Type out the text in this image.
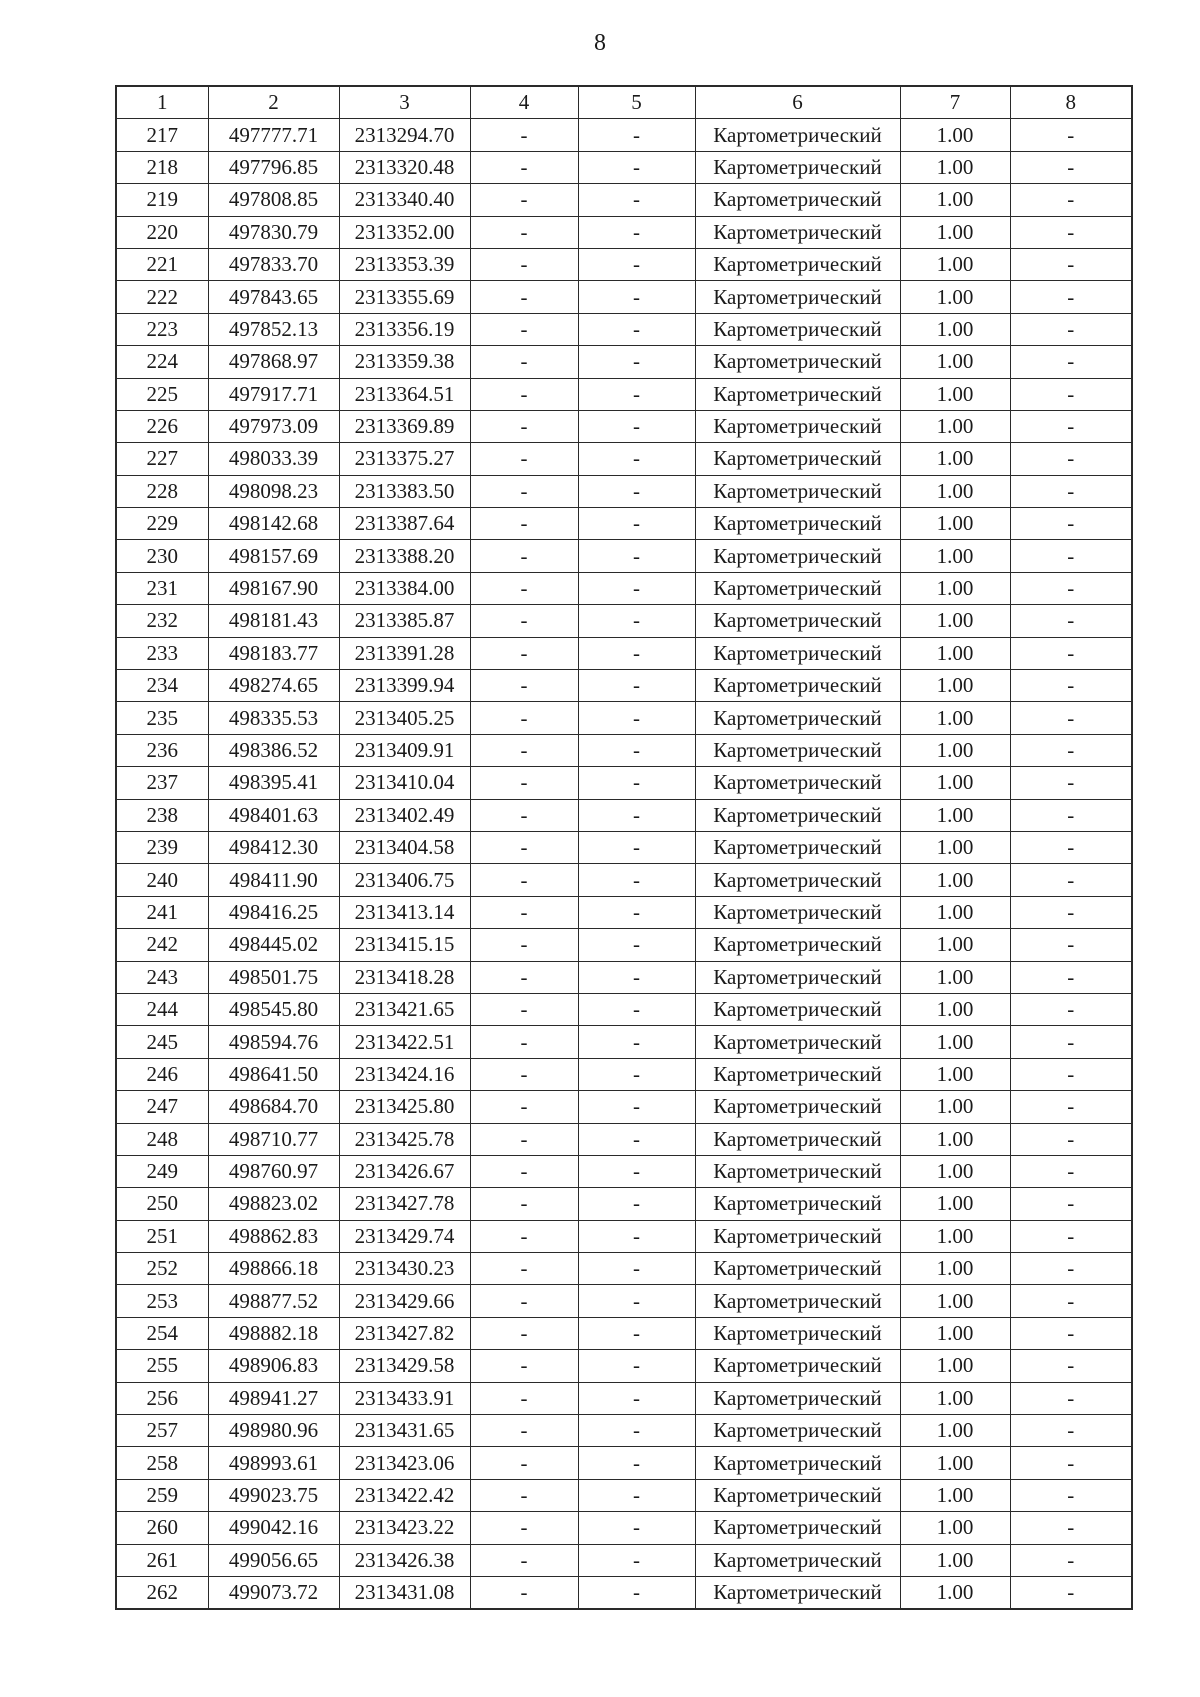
8
1	2	3	4	5	6	7	8
217	497777.71	2313294.70	-	-	Картометрический	1.00	-
218	497796.85	2313320.48	-	-	Картометрический	1.00	-
219	497808.85	2313340.40	-	-	Картометрический	1.00	-
220	497830.79	2313352.00	-	-	Картометрический	1.00	-
221	497833.70	2313353.39	-	-	Картометрический	1.00	-
222	497843.65	2313355.69	-	-	Картометрический	1.00	-
223	497852.13	2313356.19	-	-	Картометрический	1.00	-
224	497868.97	2313359.38	-	-	Картометрический	1.00	-
225	497917.71	2313364.51	-	-	Картометрический	1.00	-
226	497973.09	2313369.89	-	-	Картометрический	1.00	-
227	498033.39	2313375.27	-	-	Картометрический	1.00	-
228	498098.23	2313383.50	-	-	Картометрический	1.00	-
229	498142.68	2313387.64	-	-	Картометрический	1.00	-
230	498157.69	2313388.20	-	-	Картометрический	1.00	-
231	498167.90	2313384.00	-	-	Картометрический	1.00	-
232	498181.43	2313385.87	-	-	Картометрический	1.00	-
233	498183.77	2313391.28	-	-	Картометрический	1.00	-
234	498274.65	2313399.94	-	-	Картометрический	1.00	-
235	498335.53	2313405.25	-	-	Картометрический	1.00	-
236	498386.52	2313409.91	-	-	Картометрический	1.00	-
237	498395.41	2313410.04	-	-	Картометрический	1.00	-
238	498401.63	2313402.49	-	-	Картометрический	1.00	-
239	498412.30	2313404.58	-	-	Картометрический	1.00	-
240	498411.90	2313406.75	-	-	Картометрический	1.00	-
241	498416.25	2313413.14	-	-	Картометрический	1.00	-
242	498445.02	2313415.15	-	-	Картометрический	1.00	-
243	498501.75	2313418.28	-	-	Картометрический	1.00	-
244	498545.80	2313421.65	-	-	Картометрический	1.00	-
245	498594.76	2313422.51	-	-	Картометрический	1.00	-
246	498641.50	2313424.16	-	-	Картометрический	1.00	-
247	498684.70	2313425.80	-	-	Картометрический	1.00	-
248	498710.77	2313425.78	-	-	Картометрический	1.00	-
249	498760.97	2313426.67	-	-	Картометрический	1.00	-
250	498823.02	2313427.78	-	-	Картометрический	1.00	-
251	498862.83	2313429.74	-	-	Картометрический	1.00	-
252	498866.18	2313430.23	-	-	Картометрический	1.00	-
253	498877.52	2313429.66	-	-	Картометрический	1.00	-
254	498882.18	2313427.82	-	-	Картометрический	1.00	-
255	498906.83	2313429.58	-	-	Картометрический	1.00	-
256	498941.27	2313433.91	-	-	Картометрический	1.00	-
257	498980.96	2313431.65	-	-	Картометрический	1.00	-
258	498993.61	2313423.06	-	-	Картометрический	1.00	-
259	499023.75	2313422.42	-	-	Картометрический	1.00	-
260	499042.16	2313423.22	-	-	Картометрический	1.00	-
261	499056.65	2313426.38	-	-	Картометрический	1.00	-
262	499073.72	2313431.08	-	-	Картометрический	1.00	-
